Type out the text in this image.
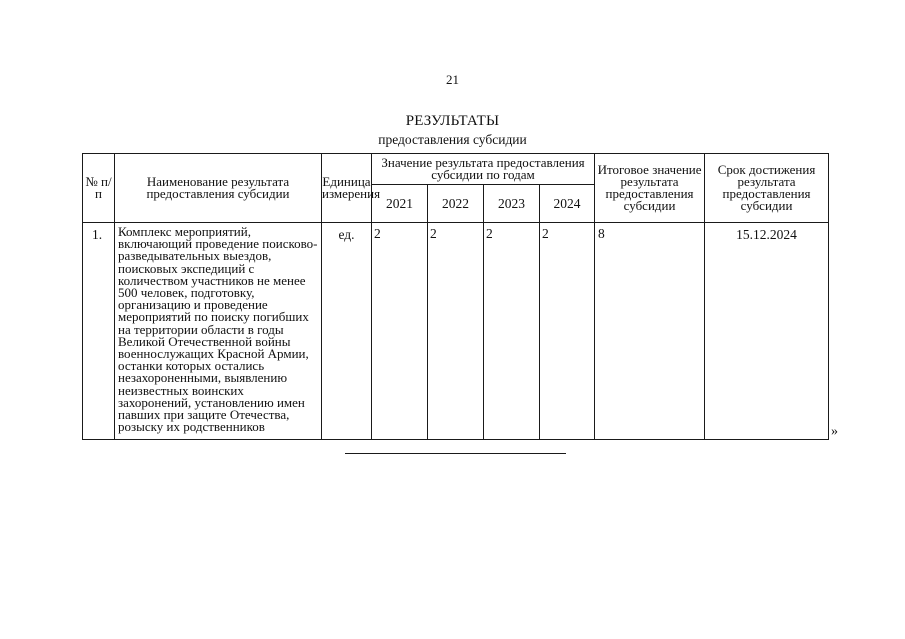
21
РЕЗУЛЬТАТЫ
предоставления субсидии
№ п/п	Наименование результата предоставления субсидии	Единица измерения	Значение результата предоставления субсидии по годам				Итоговое значение результата предоставления субсидии	Срок достижения результата предоставления субсидии
			2021	2022	2023	2024		
1.	Комплекс мероприятий, включающий проведение поисково-разведывательных выездов, поисковых экспедиций с количеством участников не менее 500 человек, подготовку, организацию и проведение мероприятий по поиску погибших на территории области в годы Великой Отечественной войны военнослужащих Красной Армии, останки которых остались незахороненными, выявлению неизвестных воинских захоронений, установлению имен павших при защите Отечества, розыску их родственников	ед.	2	2	2	2	8	15.12.2024
»
